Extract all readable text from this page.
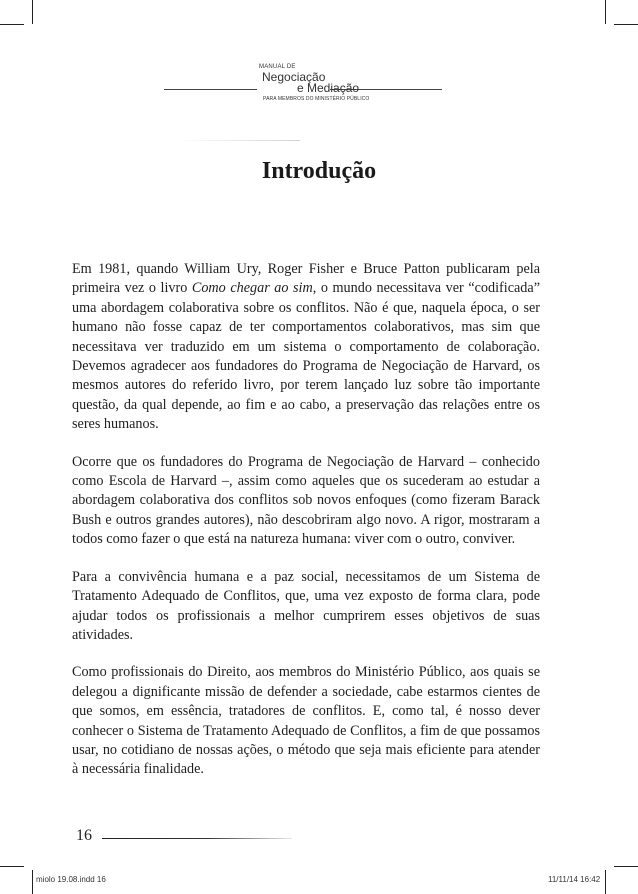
MANUAL DE
Negociação
e Mediação
PARA MEMBROS DO MINISTÉRIO PÚBLICO
Introdução

Em 1981, quando William Ury, Roger Fisher e Bruce Patton publicaram pela primeira vez o livro Como chegar ao sim, o mundo necessitava ver “codificada” uma abordagem colaborativa sobre os conflitos. Não é que, naquela época, o ser humano não fosse capaz de ter comportamentos colaborativos, mas sim que necessitava ver traduzido em um sistema o comportamento de colaboração. Devemos agradecer aos fundadores do Programa de Negociação de Harvard, os mesmos autores do referido livro, por terem lançado luz sobre tão importante questão, da qual depende, ao fim e ao cabo, a preservação das relações entre os seres humanos.

Ocorre que os fundadores do Programa de Negociação de Harvard – conhecido como Escola de Harvard –, assim como aqueles que os sucederam ao estudar a abordagem colaborativa dos conflitos sob novos enfoques (como fizeram Barack Bush e outros grandes autores), não descobriram algo novo. A rigor, mostraram a todos como fazer o que está na natureza humana: viver com o outro, conviver.

Para a convivência humana e a paz social, necessitamos de um Sistema de Tratamento Adequado de Conflitos, que, uma vez exposto de forma clara, pode ajudar todos os profissionais a melhor cumprirem esses objetivos de suas atividades.

Como profissionais do Direito, aos membros do Ministério Público, aos quais se delegou a dignificante missão de defender a sociedade, cabe estarmos cientes de que somos, em essência, tratadores de conflitos. E, como tal, é nosso dever conhecer o Sistema de Tratamento Adequado de Conflitos, a fim de que possamos usar, no cotidiano de nossas ações, o método que seja mais eficiente para atender à necessária finalidade.

16
miolo 19.08.indd 16	11/11/14 16:42
